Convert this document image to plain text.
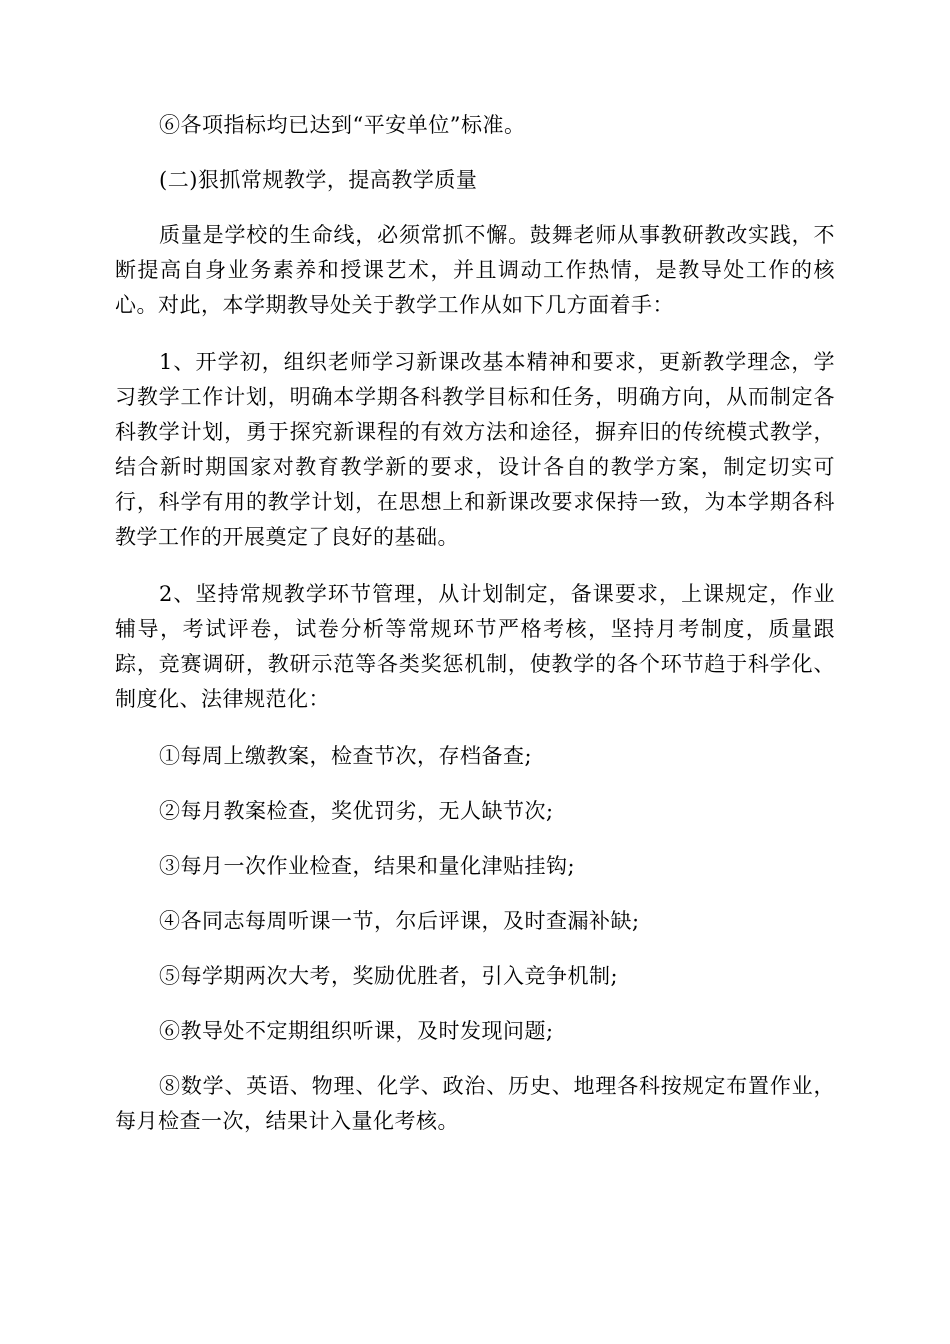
⑥各项指标均已达到“平安单位”标准。

(二)狠抓常规教学，提高教学质量

质量是学校的生命线，必须常抓不懈。鼓舞老师从事教研教改实践，不断提高自身业务素养和授课艺术，并且调动工作热情，是教导处工作的核心。对此，本学期教导处关于教学工作从如下几方面着手：

1、开学初，组织老师学习新课改基本精神和要求，更新教学理念，学习教学工作计划，明确本学期各科教学目标和任务，明确方向，从而制定各科教学计划，勇于探究新课程的有效方法和途径，摒弃旧的传统模式教学，结合新时期国家对教育教学新的要求，设计各自的教学方案，制定切实可行，科学有用的教学计划，在思想上和新课改要求保持一致，为本学期各科教学工作的开展奠定了良好的基础。

2、坚持常规教学环节管理，从计划制定，备课要求，上课规定，作业辅导，考试评卷，试卷分析等常规环节严格考核，坚持月考制度，质量跟踪，竞赛调研，教研示范等各类奖惩机制，使教学的各个环节趋于科学化、制度化、法律规范化：

①每周上缴教案，检查节次，存档备查;

②每月教案检查，奖优罚劣，无人缺节次;

③每月一次作业检查，结果和量化津贴挂钩;

④各同志每周听课一节，尔后评课，及时查漏补缺;

⑤每学期两次大考，奖励优胜者，引入竞争机制;

⑥教导处不定期组织听课，及时发现问题;

⑧数学、英语、物理、化学、政治、历史、地理各科按规定布置作业，每月检查一次，结果计入量化考核。
